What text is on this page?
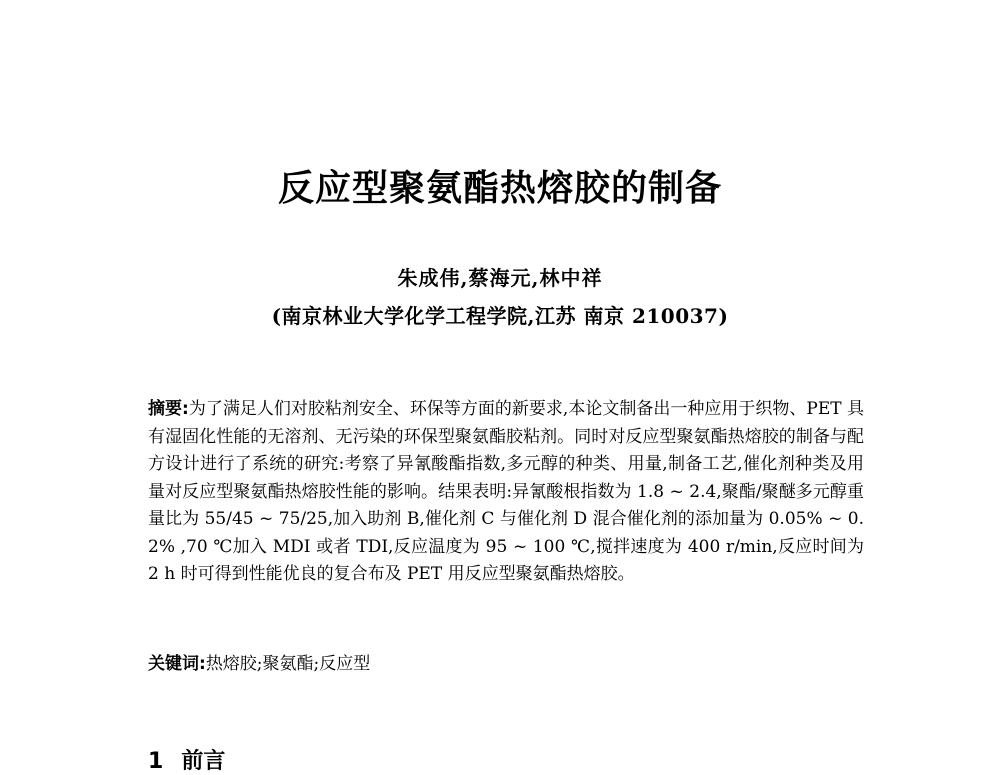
反应型聚氨酯热熔胶的制备
朱成伟,蔡海元,林中祥
(南京林业大学化学工程学院,江苏 南京 210037)
摘要:为了满足人们对胶粘剂安全、环保等方面的新要求,本论文制备出一种应用于织物、PET 具有湿固化性能的无溶剂、无污染的环保型聚氨酯胶粘剂。同时对反应型聚氨酯热熔胶的制备与配方设计进行了系统的研究:考察了异氰酸酯指数,多元醇的种类、用量,制备工艺,催化剂种类及用量对反应型聚氨酯热熔胶性能的影响。结果表明:异氰酸根指数为 1.8 ~ 2.4,聚酯/聚醚多元醇重量比为 55/45 ~ 75/25,加入助剂 B,催化剂 C 与催化剂 D 混合催化剂的添加量为 0.05% ~ 0.2% ,70 ℃加入 MDI 或者 TDI,反应温度为 95 ~ 100 ℃,搅拌速度为 400 r/min,反应时间为 2 h 时可得到性能优良的复合布及 PET 用反应型聚氨酯热熔胶。
关键词:热熔胶;聚氨酯;反应型
1 前言
